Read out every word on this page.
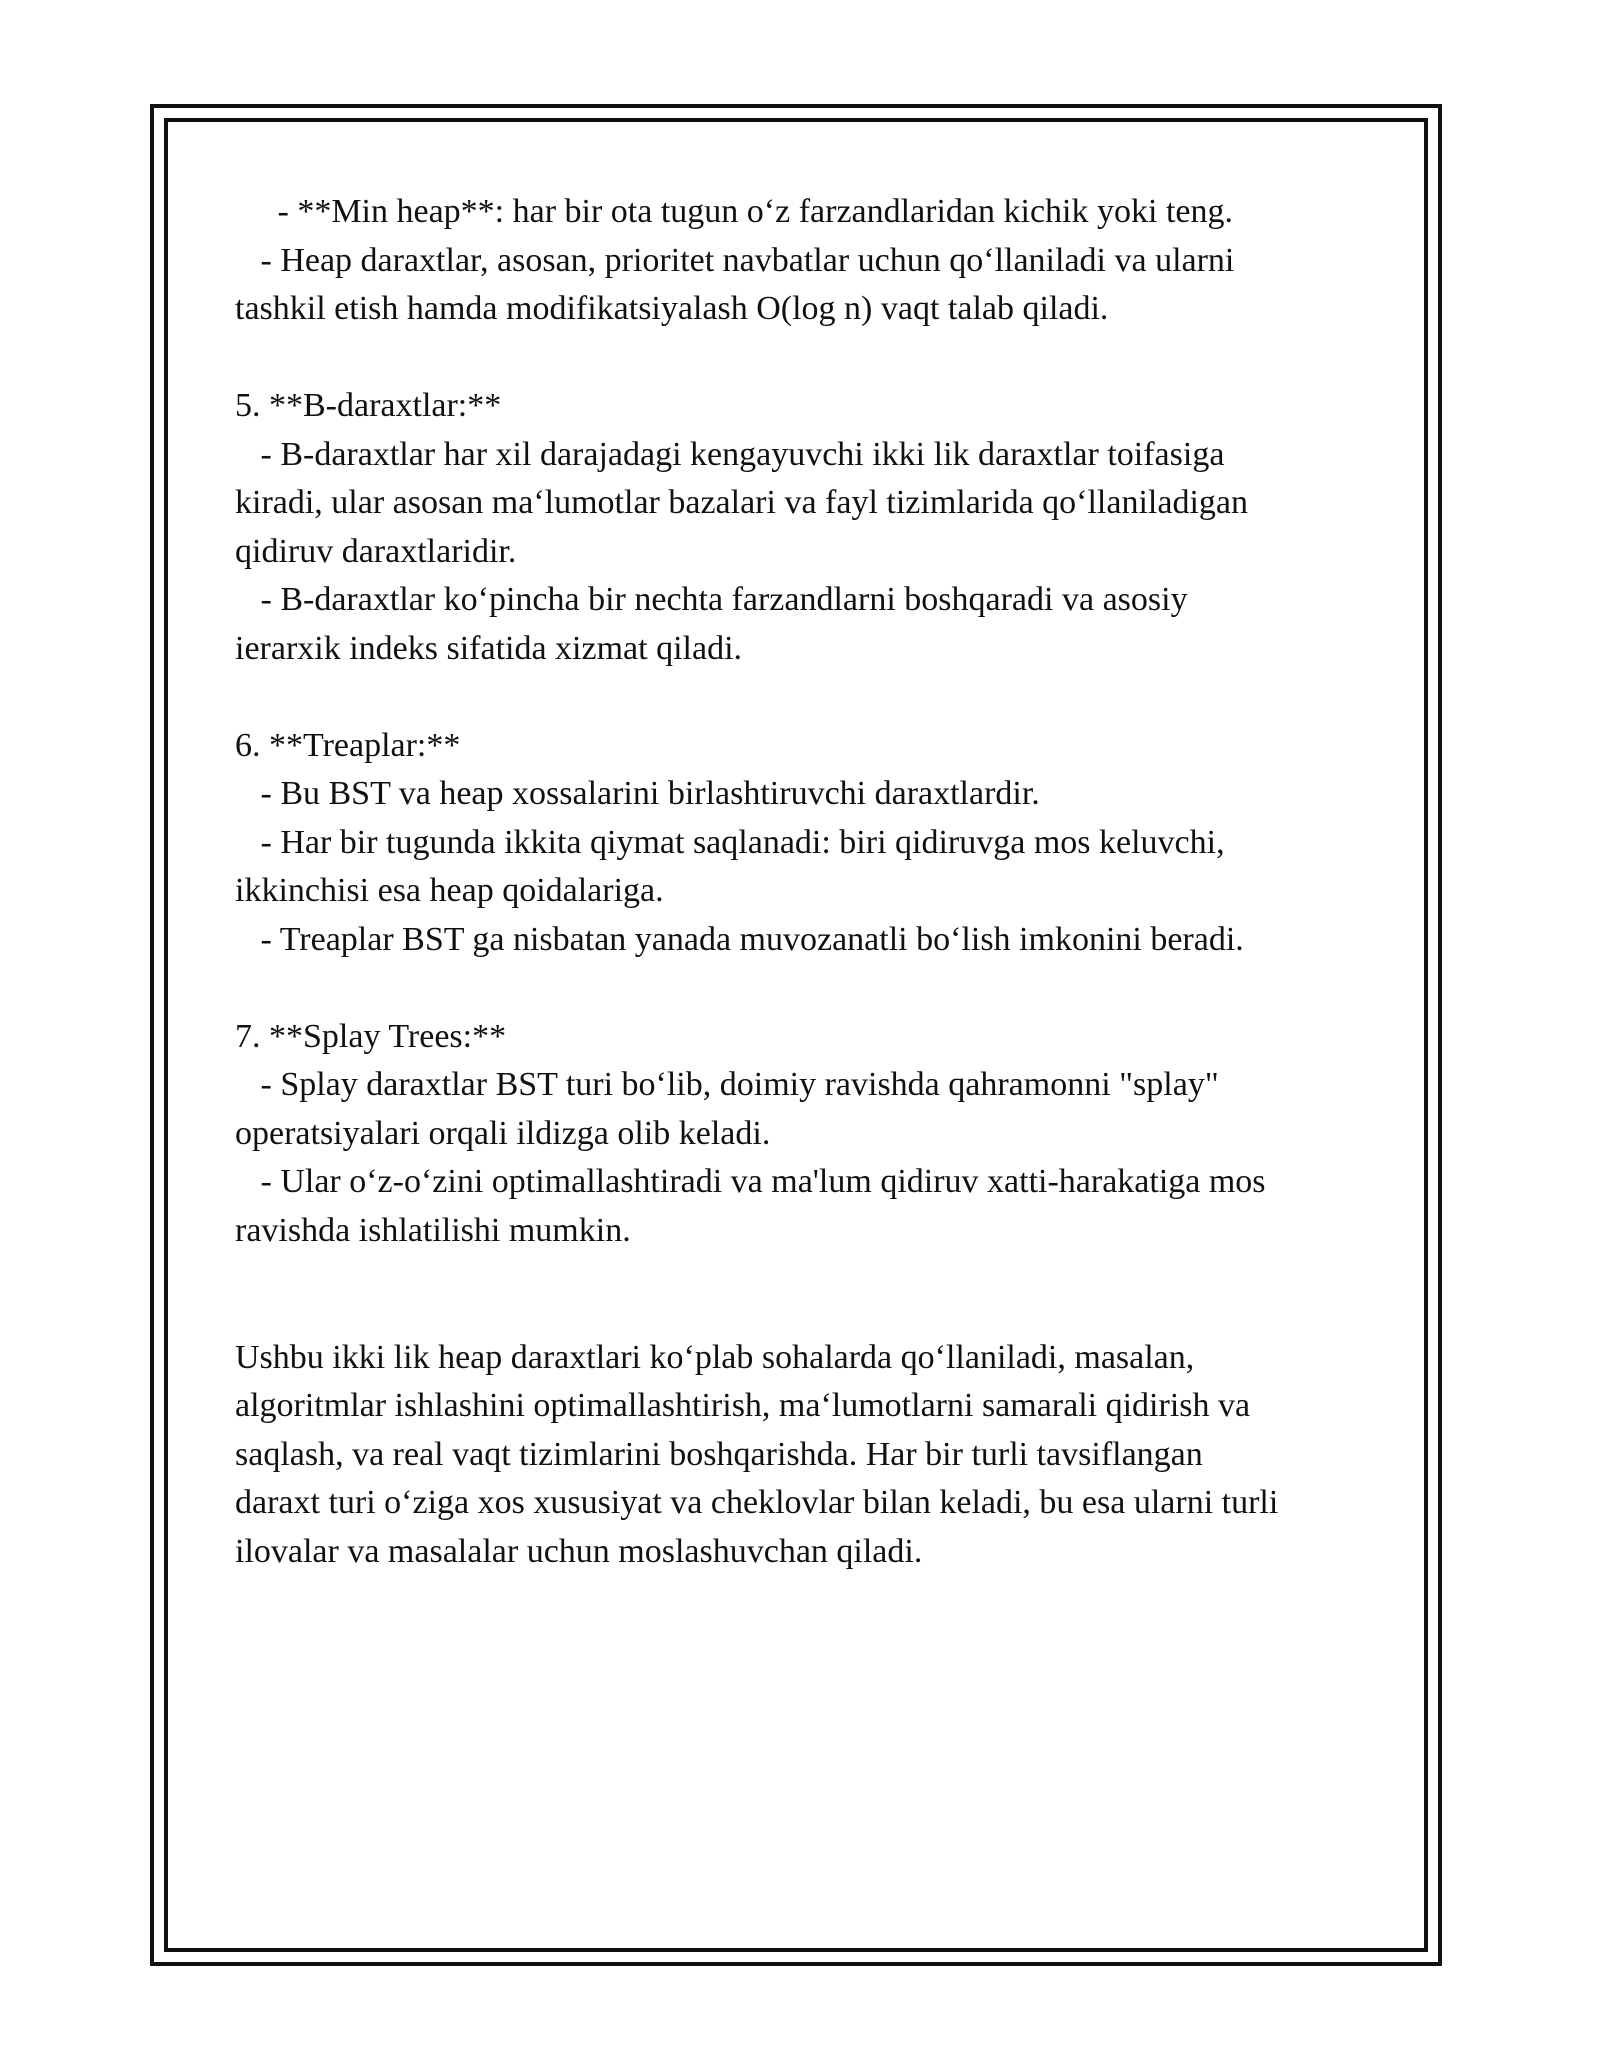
- **Min heap**: har bir ota tugun o‘z farzandlaridan kichik yoki teng.
- Heap daraxtlar, asosan, prioritet navbatlar uchun qo‘llaniladi va ularni
tashkil etish hamda modifikatsiyalash O(log n) vaqt talab qiladi.
5. **B-daraxtlar:**
- B-daraxtlar har xil darajadagi kengayuvchi ikki lik daraxtlar toifasiga
kiradi, ular asosan ma‘lumotlar bazalari va fayl tizimlarida qo‘llaniladigan
qidiruv daraxtlaridir.
- B-daraxtlar ko‘pincha bir nechta farzandlarni boshqaradi va asosiy
ierarxik indeks sifatida xizmat qiladi.
6. **Treaplar:**
- Bu BST va heap xossalarini birlashtiruvchi daraxtlardir.
- Har bir tugunda ikkita qiymat saqlanadi: biri qidiruvga mos keluvchi,
ikkinchisi esa heap qoidalariga.
- Treaplar BST ga nisbatan yanada muvozanatli bo‘lish imkonini beradi.
7. **Splay Trees:**
- Splay daraxtlar BST turi bo‘lib, doimiy ravishda qahramonni "splay"
operatsiyalari orqali ildizga olib keladi.
- Ular o‘z-o‘zini optimallashtiradi va ma'lum qidiruv xatti-harakatiga mos
ravishda ishlatilishi mumkin.
Ushbu ikki lik heap daraxtlari ko‘plab sohalarda qo‘llaniladi, masalan,
algoritmlar ishlashini optimallashtirish, ma‘lumotlarni samarali qidirish va
saqlash, va real vaqt tizimlarini boshqarishda. Har bir turli tavsiflangan
daraxt turi o‘ziga xos xususiyat va cheklovlar bilan keladi, bu esa ularni turli
ilovalar va masalalar uchun moslashuvchan qiladi.
